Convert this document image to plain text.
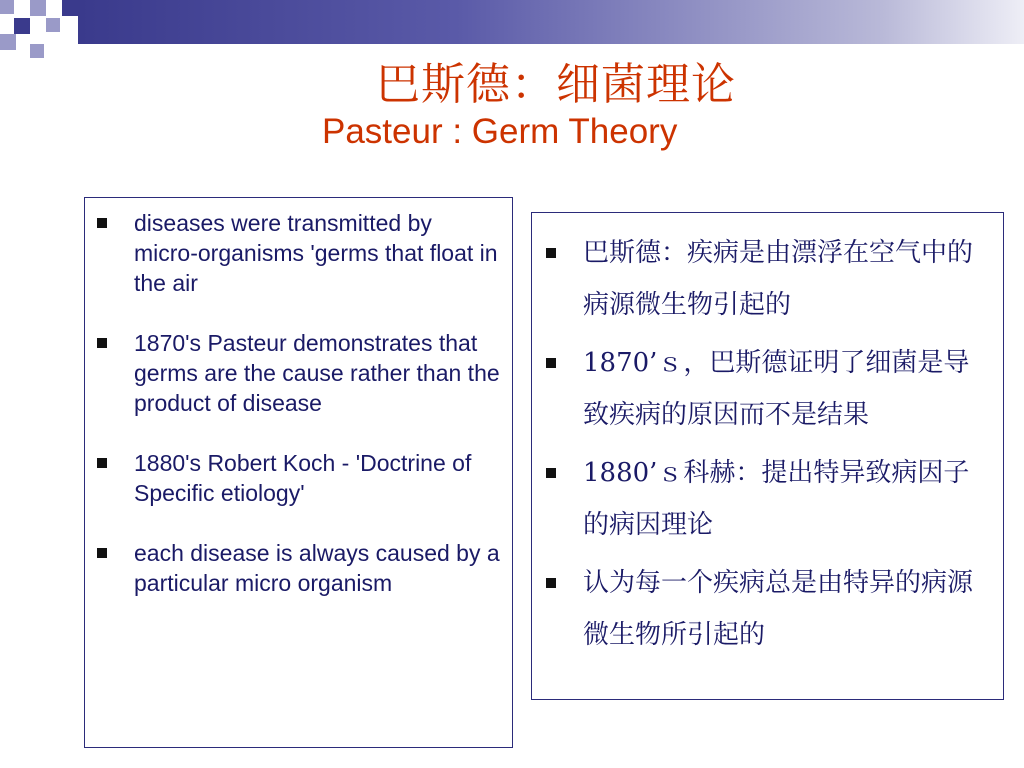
巴斯德：细菌理论
Pasteur : Germ Theory
diseases were transmitted by micro-organisms 'germs that float in the air
1870's Pasteur demonstrates that germs are the cause rather than the product of disease
1880's Robert Koch - 'Doctrine of Specific etiology'
each disease is always caused by a particular micro organism
巴斯德：疾病是由漂浮在空气中的病源微生物引起的
1870’ｓ，巴斯德证明了细菌是导致疾病的原因而不是结果
1880’ｓ科赫：提出特异致病因子的病因理论
认为每一个疾病总是由特异的病源微生物所引起的
